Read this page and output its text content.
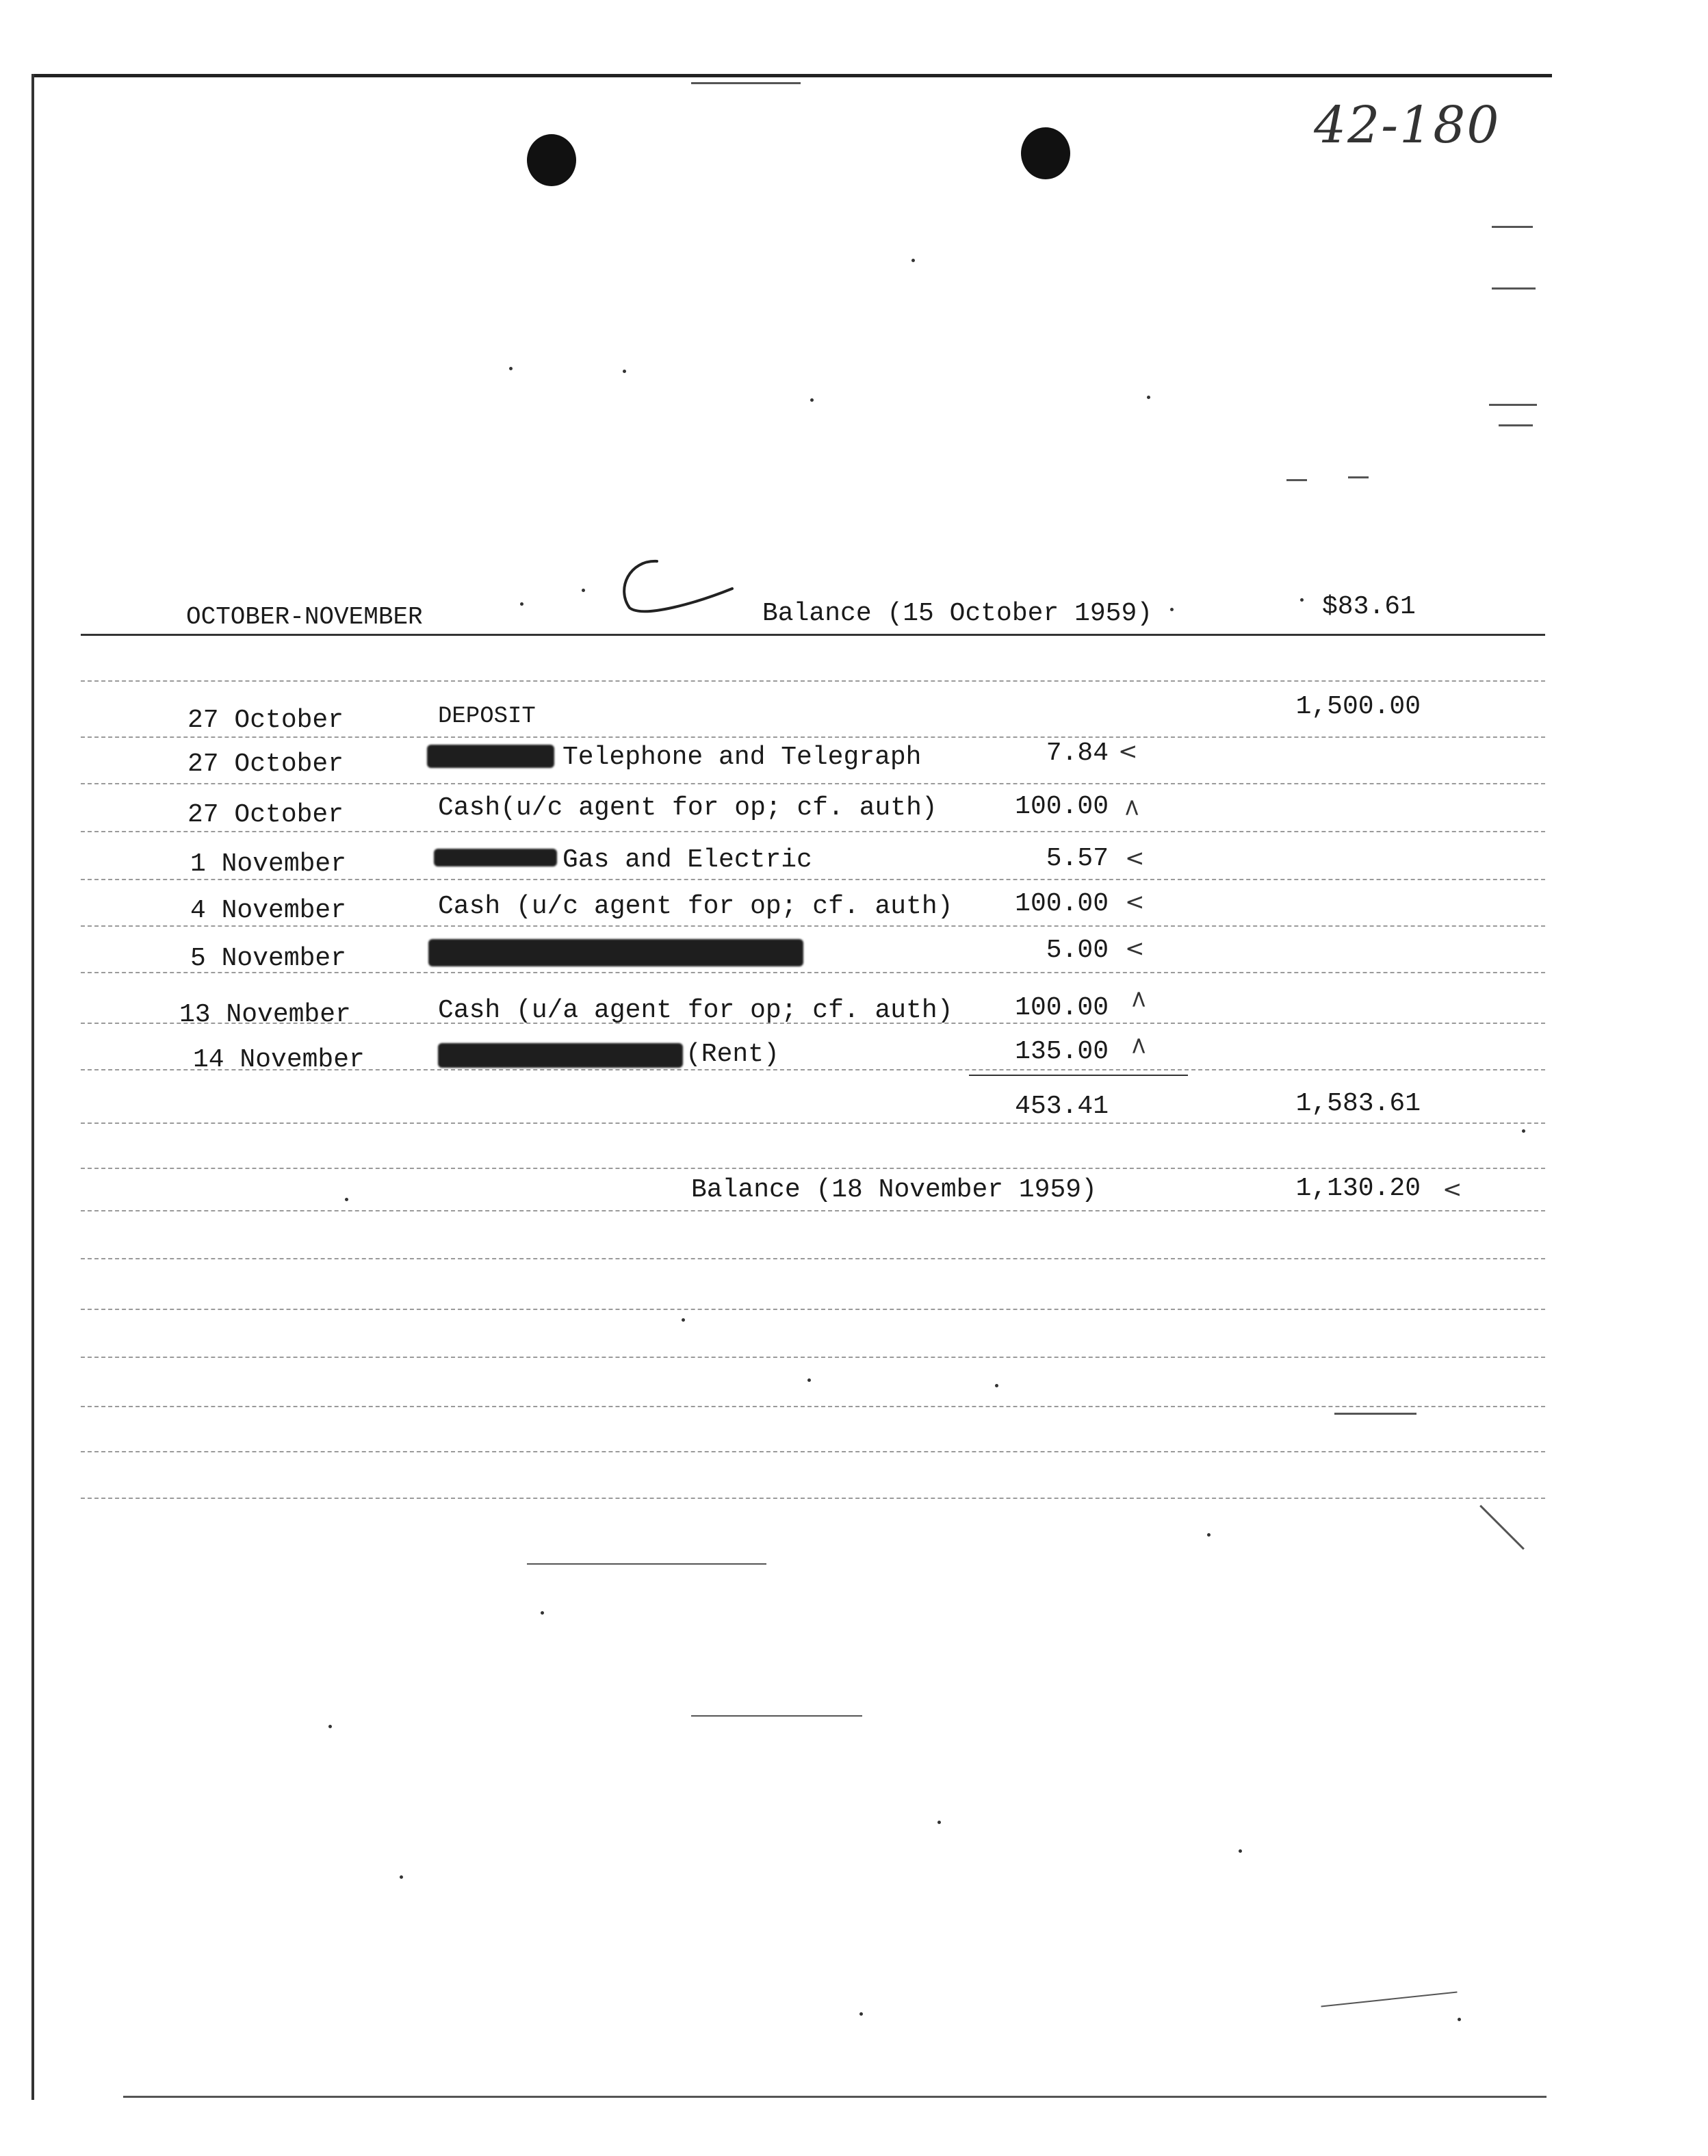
42-180
OCTOBER-NOVEMBER	Balance (15 October 1959)	$83.61
27 October	DEPOSIT	1,500.00
27 October	Telephone and Telegraph	7.84 <
27 October	Cash(u/c agent for op; cf. auth)	100.00 <
1 November	Gas and Electric	5.57 <
4 November	Cash (u/c agent for op; cf. auth)	100.00 <
5 November	5.00 <
13 November	Cash (u/a agent for op; cf. auth)	100.00 <
14 November	(Rent)	135.00 <
453.41	1,583.61
Balance (18 November 1959)	1,130.20 <
